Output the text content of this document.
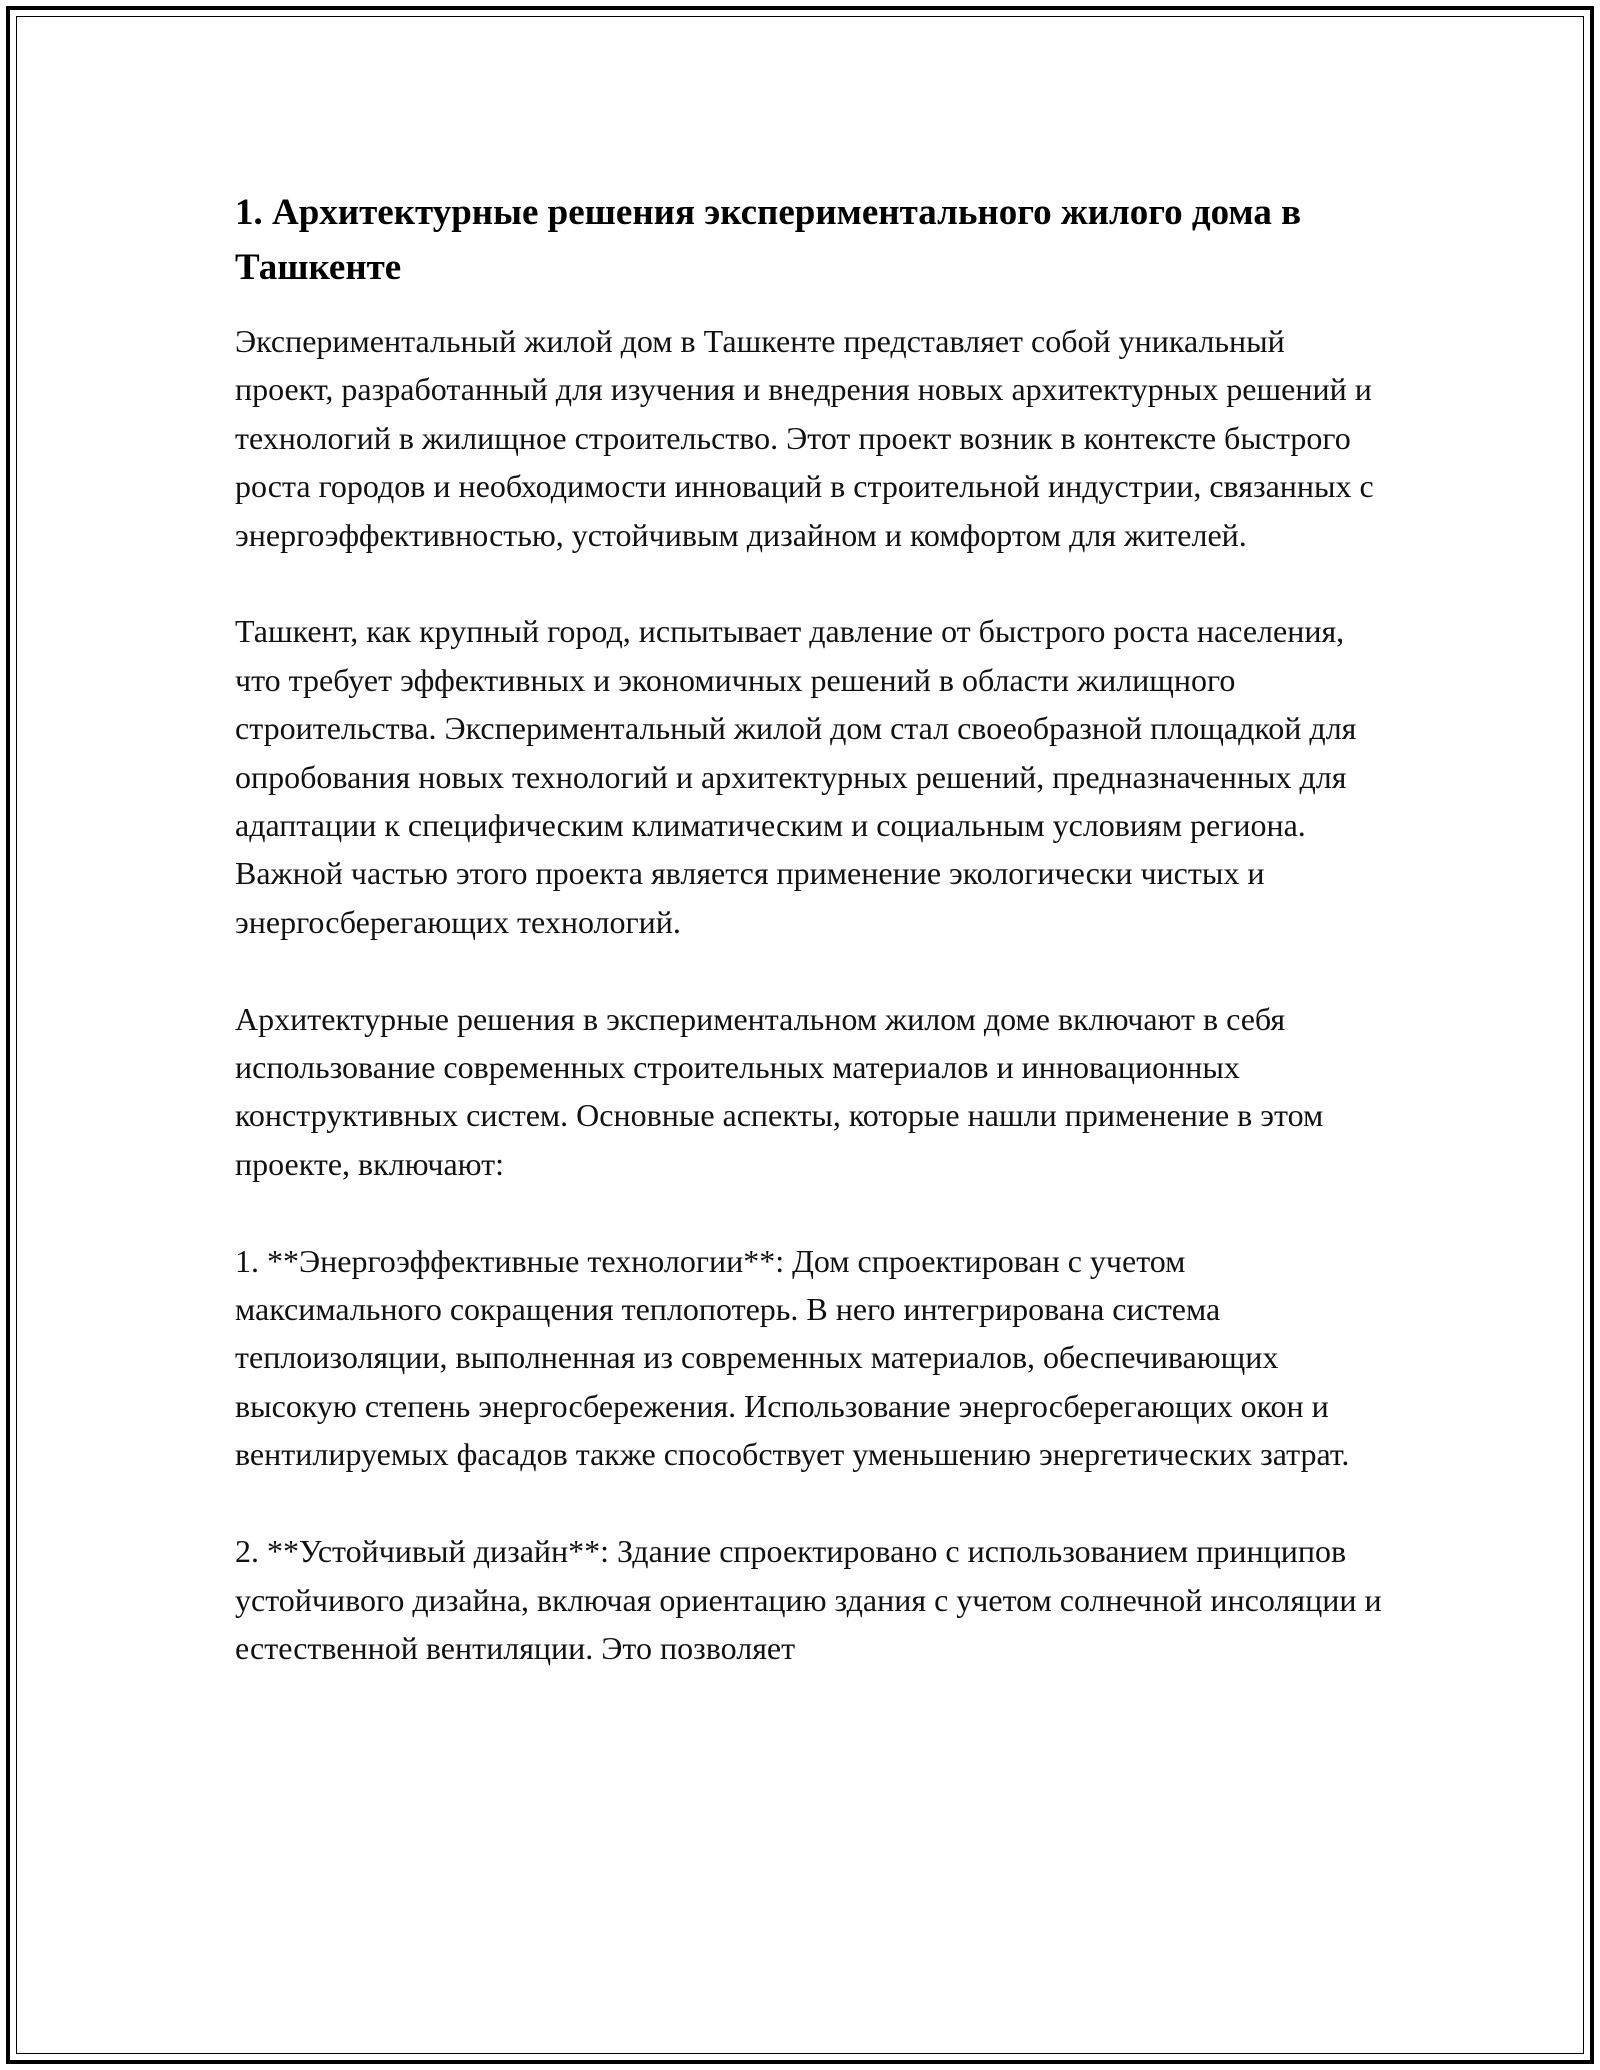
1. Архитектурные решения экспериментального жилого дома в Ташкенте

Экспериментальный жилой дом в Ташкенте представляет собой уникальный проект, разработанный для изучения и внедрения новых архитектурных решений и технологий в жилищное строительство. Этот проект возник в контексте быстрого роста городов и необходимости инноваций в строительной индустрии, связанных с энергоэффективностью, устойчивым дизайном и комфортом для жителей.

Ташкент, как крупный город, испытывает давление от быстрого роста населения, что требует эффективных и экономичных решений в области жилищного строительства. Экспериментальный жилой дом стал своеобразной площадкой для опробования новых технологий и архитектурных решений, предназначенных для адаптации к специфическим климатическим и социальным условиям региона. Важной частью этого проекта является применение экологически чистых и энергосберегающих технологий.

Архитектурные решения в экспериментальном жилом доме включают в себя использование современных строительных материалов и инновационных конструктивных систем. Основные аспекты, которые нашли применение в этом проекте, включают:

1. **Энергоэффективные технологии**: Дом спроектирован с учетом максимального сокращения теплопотерь. В него интегрирована система теплоизоляции, выполненная из современных материалов, обеспечивающих высокую степень энергосбережения. Использование энергосберегающих окон и вентилируемых фасадов также способствует уменьшению энергетических затрат.

2. **Устойчивый дизайн**: Здание спроектировано с использованием принципов устойчивого дизайна, включая ориентацию здания с учетом солнечной инсоляции и естественной вентиляции. Это позволяет
